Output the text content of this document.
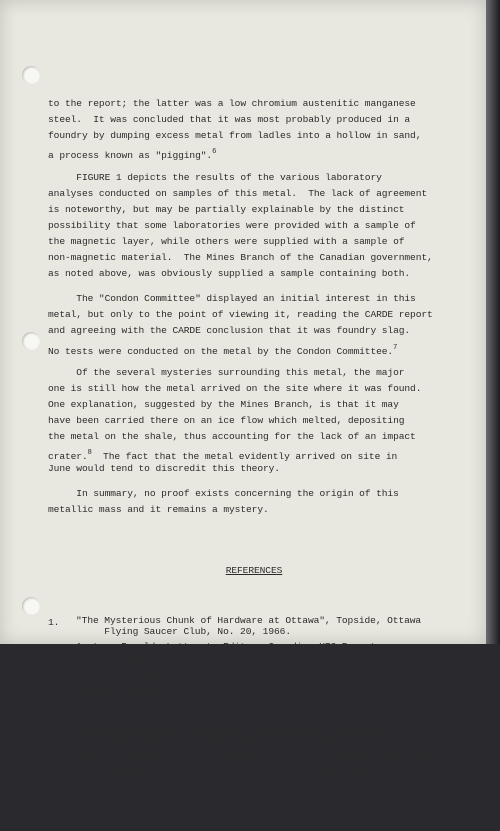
to the report; the latter was a low chromium austenitic manganese
steel.  It was concluded that it was most probably produced in a
foundry by dumping excess metal from ladles into a hollow in sand,
a process known as "pigging".$^6$
FIGURE 1 depicts the results of the various laboratory
analyses conducted on samples of this metal.  The lack of agreement
is noteworthy, but may be partially explainable by the distinct
possibility that some laboratories were provided with a sample of
the magnetic layer, while others were supplied with a sample of
non-magnetic material.  The Mines Branch of the Canadian government,
as noted above, was obviously supplied a sample containing both.
The "Condon Committee" displayed an initial interest in this
metal, but only to the point of viewing it, reading the CARDE report
and agreeing with the CARDE conclusion that it was foundry slag.
No tests were conducted on the metal by the Condon Committee.$^7$
Of the several mysteries surrounding this metal, the major
one is still how the metal arrived on the site where it was found.
One explanation, suggested by the Mines Branch, is that it may
have been carried there on an ice flow which melted, depositing
the metal on the shale, thus accounting for the lack of an impact
crater.$^8$  The fact that the metal evidently arrived on site in
June would tend to discredit this theory.
In summary, no proof exists concerning the origin of this
metallic mass and it remains a mystery.

REFERENCES

1.	"The Mysterious Chunk of Hardware at Ottawa", Topside, Ottawa
Flying Saucer Club, No. 20, 1966.
2.	Anstee, Ronald, Letter to Editor, Canadian UFO Report,
Spring, 1971.
3.	Letter from CARDE, 12 May, 1971.
4.	Topside, op. cit.
5.	ibid
6.	Investigation Report IR 71-32, Mines Branch, Department of
Energy, Mines and Resources, Ottawa, 7 May, 1971.
7.	Gillmor, Daniel S. (Ed). Scientific Study of Unidentified Flying
Objects, E.P. Dutton & Co., New York, 1969, pp. 91-92.
8.	Topside, op. cit.
